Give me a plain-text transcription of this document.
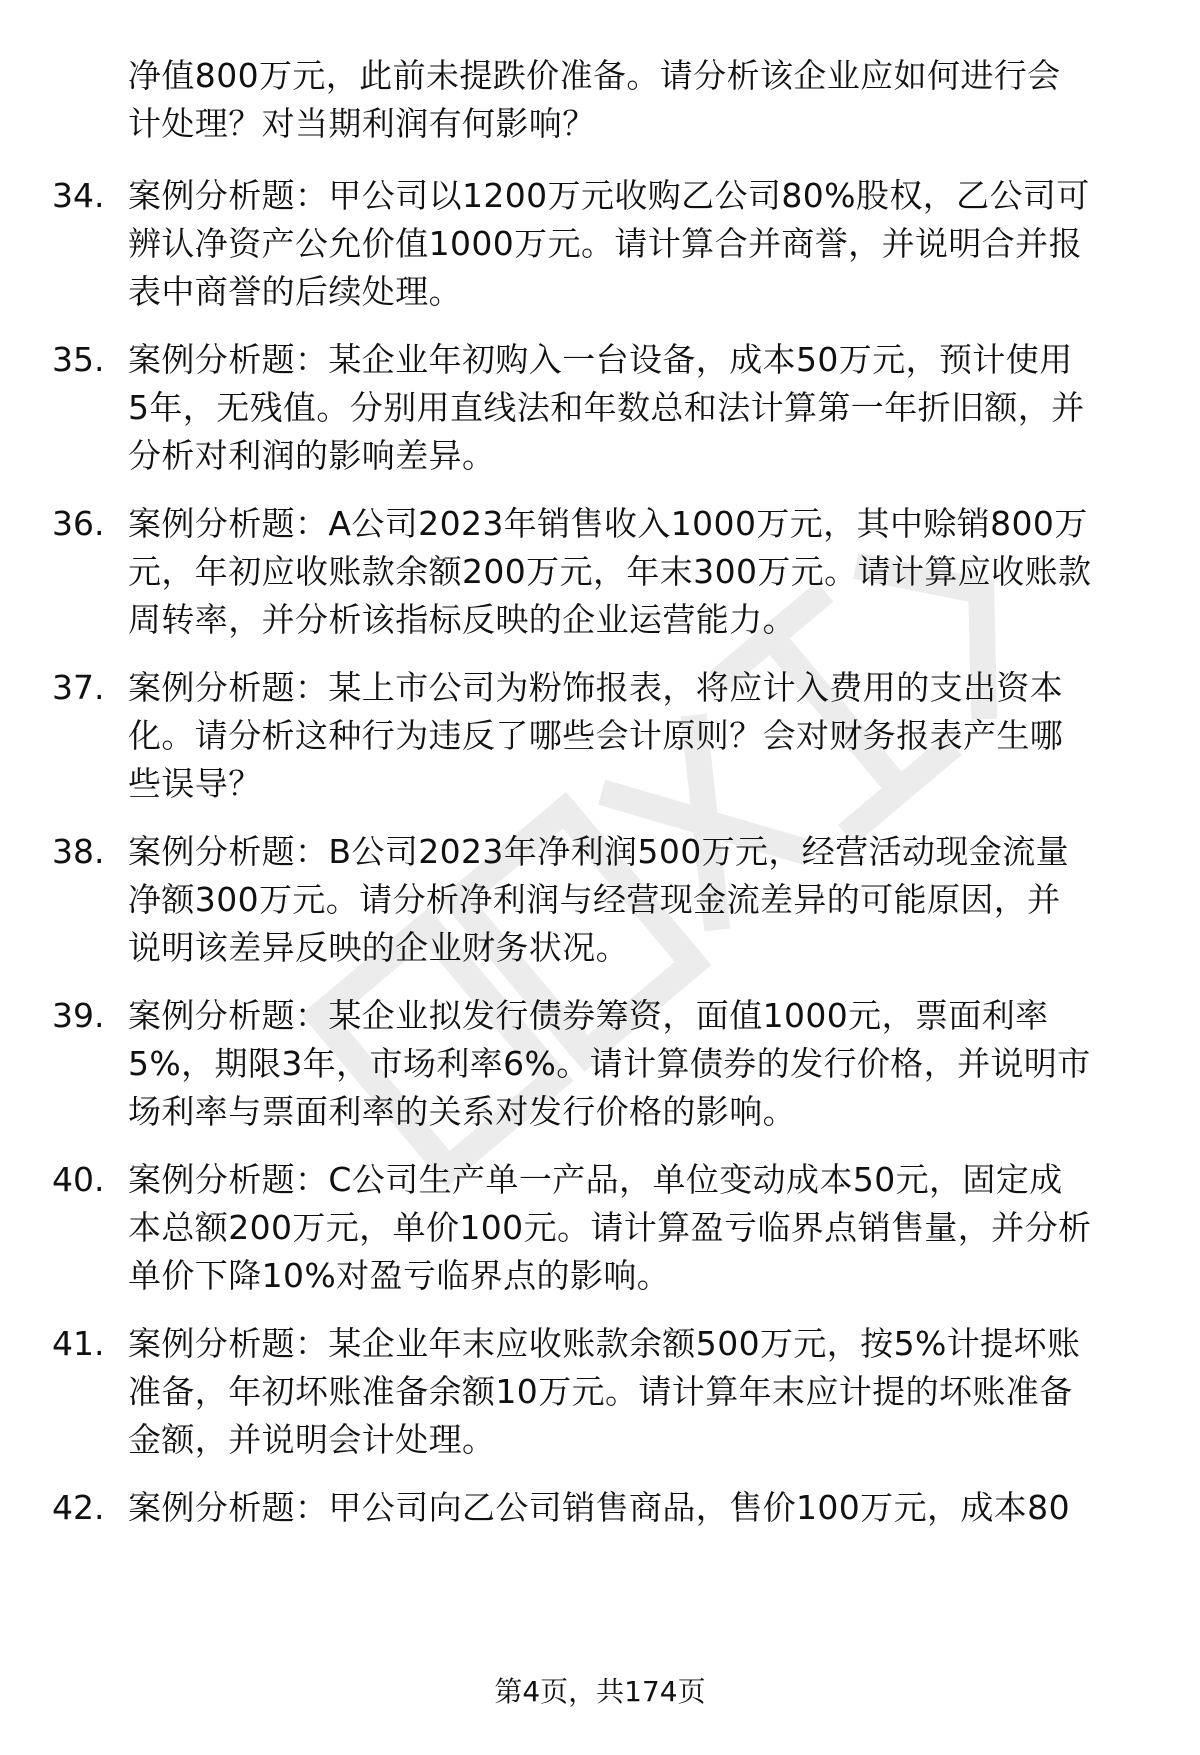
净值800万元，此前未提跌价准备。请分析该企业应如何进行会
计处理？对当期利润有何影响？
34. 案例分析题：甲公司以1200万元收购乙公司80%股权，乙公司可
辨认净资产公允价值1000万元。请计算合并商誉，并说明合并报
表中商誉的后续处理。
35. 案例分析题：某企业年初购入一台设备，成本50万元，预计使用
5年，无残值。分别用直线法和年数总和法计算第一年折旧额，并
分析对利润的影响差异。
36. 案例分析题：A公司2023年销售收入1000万元，其中赊销800万
元，年初应收账款余额200万元，年末300万元。请计算应收账款
周转率，并分析该指标反映的企业运营能力。
37. 案例分析题：某上市公司为粉饰报表，将应计入费用的支出资本
化。请分析这种行为违反了哪些会计原则？会对财务报表产生哪
些误导？
38. 案例分析题：B公司2023年净利润500万元，经营活动现金流量
净额300万元。请分析净利润与经营现金流差异的可能原因，并
说明该差异反映的企业财务状况。
39. 案例分析题：某企业拟发行债券筹资，面值1000元，票面利率
5%，期限3年，市场利率6%。请计算债券的发行价格，并说明市
场利率与票面利率的关系对发行价格的影响。
40. 案例分析题：C公司生产单一产品，单位变动成本50元，固定成
本总额200万元，单价100元。请计算盈亏临界点销售量，并分析
单价下降10%对盈亏临界点的影响。
41. 案例分析题：某企业年末应收账款余额500万元，按5%计提坏账
准备，年初坏账准备余额10万元。请计算年末应计提的坏账准备
金额，并说明会计处理。
42. 案例分析题：甲公司向乙公司销售商品，售价100万元，成本80
第4页，共174页
